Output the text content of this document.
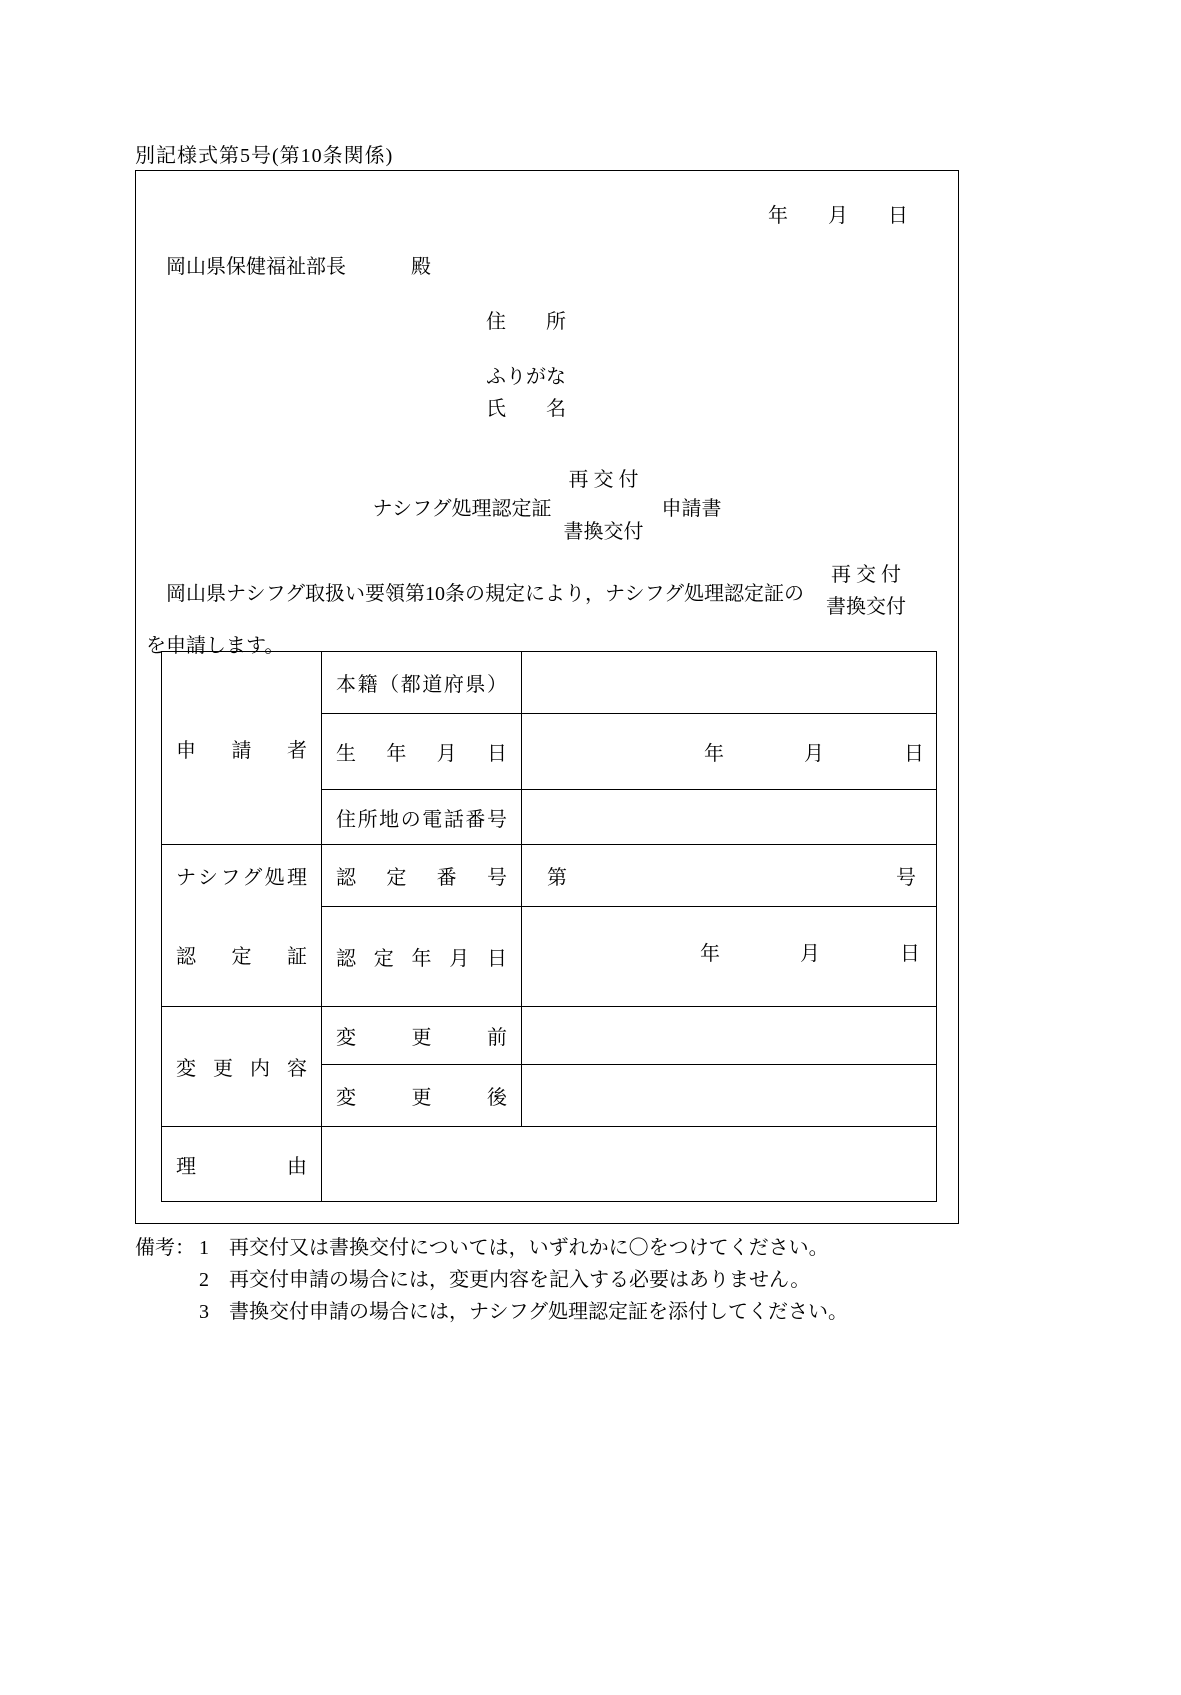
別記様式第5号(第10条関係)
年　　月　　日
岡山県保健福祉部長	殿
住　　所
ふりがな
氏　　名
ナシフグ処理認定証
再 交 付
書換交付
申請書
　岡山県ナシフグ取扱い要領第10条の規定により，ナシフグ処理認定証の
再 交 付
書換交付
を申請します。
申請者	本籍（都道府県）	
	生年月日	年　　　　月　　　　日
	住所地の電話番号	

ナシフグ処理
認定証
	認定番号	第	号

	認定年月日	年　　　　月　　　　日
変更内容	変更前	
	変更後	
理由		
備考： 1	再交付又は書換交付については，いずれかに〇をつけてください。
2	再交付申請の場合には，変更内容を記入する必要はありません。
3	書換交付申請の場合には，ナシフグ処理認定証を添付してください。
